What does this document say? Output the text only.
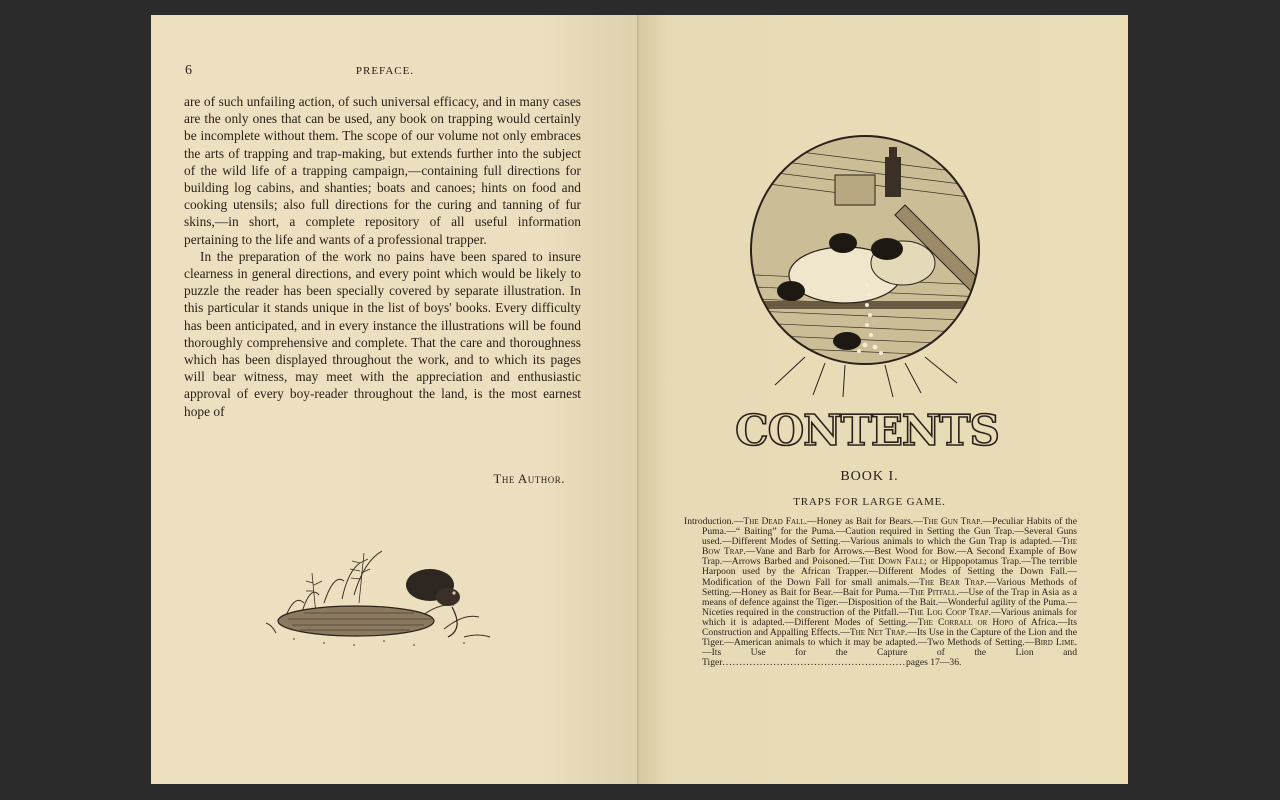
6	PREFACE.

are of such unfailing action, of such universal efficacy, and in many cases are the only ones that can be used, any book on trapping would certainly be incomplete without them. The scope of our volume not only embraces the arts of trapping and trap-making, but extends further into the subject of the wild life of a trapping campaign,—containing full directions for building log cabins, and shanties; boats and canoes; hints on food and cooking utensils; also full directions for the curing and tanning of fur skins,—in short, a complete repository of all useful information pertaining to the life and wants of a professional trapper.

In the preparation of the work no pains have been spared to insure clearness in general directions, and every point which would be likely to puzzle the reader has been specially covered by separate illustration. In this particular it stands unique in the list of boys' books. Every difficulty has been anticipated, and in every instance the illustrations will be found thoroughly comprehensive and complete. That the care and thoroughness which has been displayed throughout the work, and to which its pages will bear witness, may meet with the appreciation and enthusiastic approval of every boy-reader throughout the land, is the most earnest hope of

The Author.
CONTENTS
BOOK I.
TRAPS FOR LARGE GAME.

Introduction.—The Dead Fall.—Honey as Bait for Bears.—The Gun Trap.—Peculiar Habits of the Puma.—“ Baiting” for the Puma.—Caution required in Setting the Gun Trap.—Several Guns used.—Different Modes of Setting.—Various animals to which the Gun Trap is adapted.—The Bow Trap.—Vane and Barb for Arrows.—Best Wood for Bow.—A Second Example of Bow Trap.—Arrows Barbed and Poisoned.—The Down Fall; or Hippopotamus Trap.—The terrible Harpoon used by the African Trapper.—Different Modes of Setting the Down Fall.—Modification of the Down Fall for small animals.—The Bear Trap.—Various Methods of Setting.—Honey as Bait for Bear.—Bait for Puma.—The Pitfall.—Use of the Trap in Asia as a means of defence against the Tiger.—Disposition of the Bait.—Wonderful agility of the Puma.—Niceties required in the construction of the Pitfall.—The Log Coop Trap.—Various animals for which it is adapted.—Different Modes of Setting.—The Corrall or Hopo of Africa.—Its Construction and Appalling Effects.—The Net Trap.—Its Use in the Capture of the Lion and the Tiger.—American animals to which it may be adapted.—Two Methods of Setting.—Bird Lime.—Its Use for the Capture of the Lion and Tiger......................................................pages 17—36.
